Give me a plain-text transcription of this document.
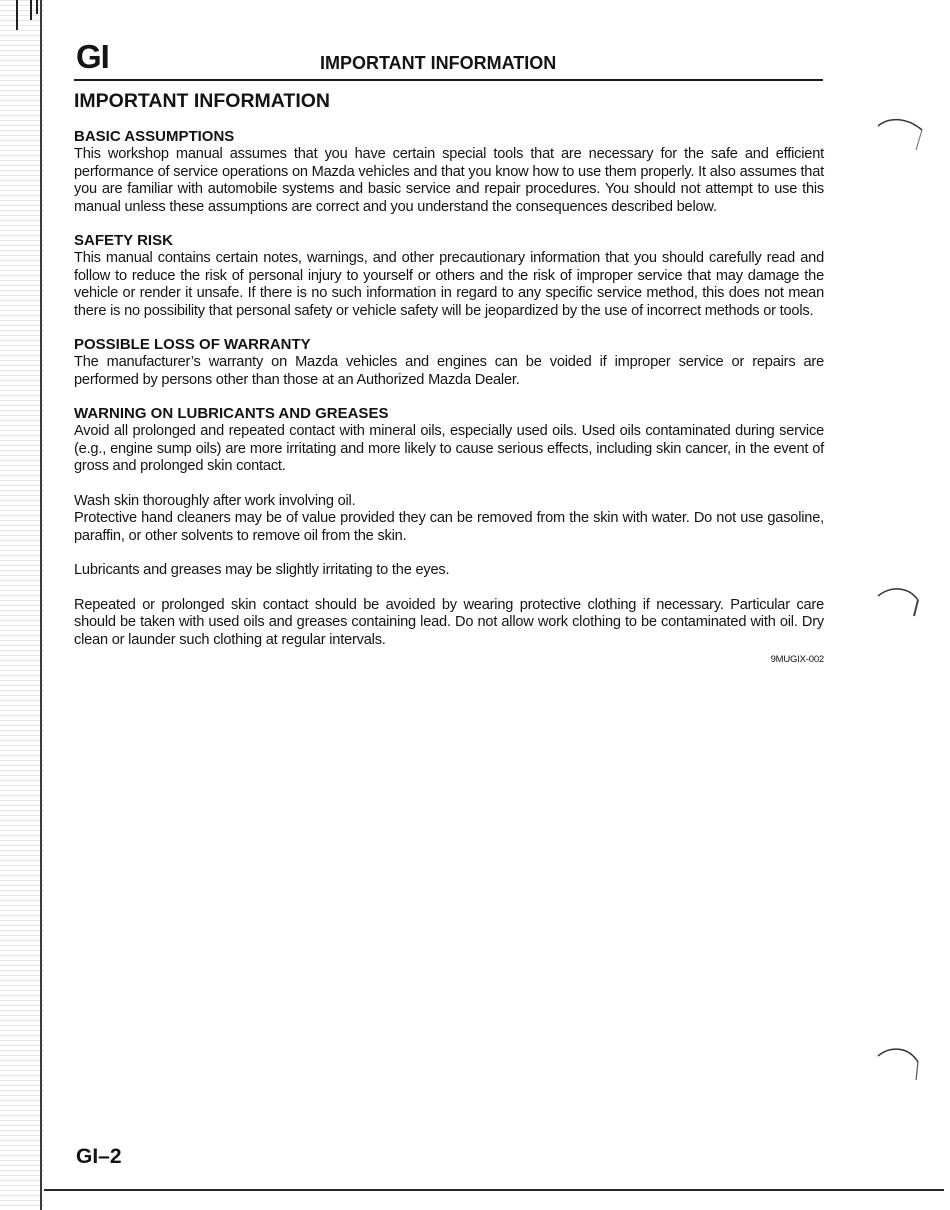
GI	IMPORTANT INFORMATION
IMPORTANT INFORMATION
BASIC ASSUMPTIONS
This workshop manual assumes that you have certain special tools that are necessary for the safe and efficient performance of service operations on Mazda vehicles and that you know how to use them properly. It also assumes that you are familiar with automobile systems and basic service and repair procedures. You should not attempt to use this manual unless these assumptions are correct and you understand the consequences described below.
SAFETY RISK
This manual contains certain notes, warnings, and other precautionary information that you should carefully read and follow to reduce the risk of personal injury to yourself or others and the risk of improper service that may damage the vehicle or render it unsafe. If there is no such information in regard to any specific service method, this does not mean there is no possibility that personal safety or vehicle safety will be jeopardized by the use of incorrect methods or tools.
POSSIBLE LOSS OF WARRANTY
The manufacturer’s warranty on Mazda vehicles and engines can be voided if improper service or repairs are performed by persons other than those at an Authorized Mazda Dealer.
WARNING ON LUBRICANTS AND GREASES
Avoid all prolonged and repeated contact with mineral oils, especially used oils. Used oils contaminated during service (e.g., engine sump oils) are more irritating and more likely to cause serious effects, including skin cancer, in the event of gross and prolonged skin contact.
Wash skin thoroughly after work involving oil.
Protective hand cleaners may be of value provided they can be removed from the skin with water. Do not use gasoline, paraffin, or other solvents to remove oil from the skin.
Lubricants and greases may be slightly irritating to the eyes.
Repeated or prolonged skin contact should be avoided by wearing protective clothing if necessary. Particular care should be taken with used oils and greases containing lead. Do not allow work clothing to be contaminated with oil. Dry clean or launder such clothing at regular intervals.
9MUGIX-002
GI–2
